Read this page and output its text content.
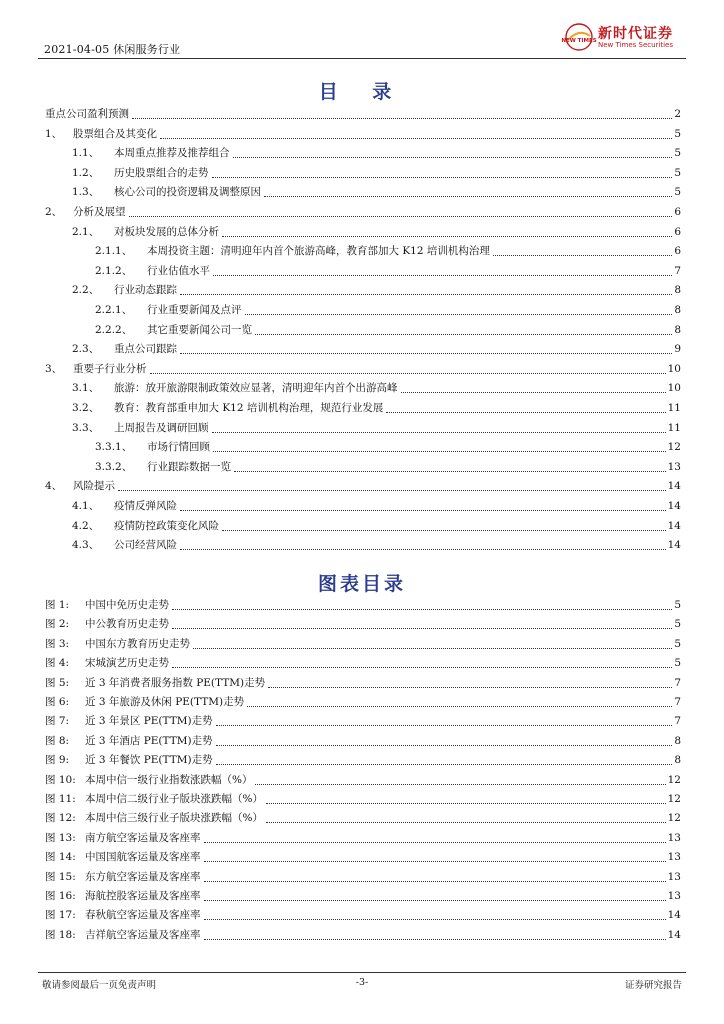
2021-04-05 休闲服务行业
NEW TIMES 新时代证券
New Times Securities
目 录
重点公司盈利预测	2
1、	股票组合及其变化	5
1.1、	本周重点推荐及推荐组合	5
1.2、	历史股票组合的走势	5
1.3、	核心公司的投资逻辑及调整原因	5
2、	分析及展望	6
2.1、	对板块发展的总体分析	6
2.1.1、	本周投资主题：清明迎年内首个旅游高峰，教育部加大 K12 培训机构治理	6
2.1.2、	行业估值水平	7
2.2、	行业动态跟踪	8
2.2.1、	行业重要新闻及点评	8
2.2.2、	其它重要新闻公司一览	8
2.3、	重点公司跟踪	9
3、	重要子行业分析	10
3.1、	旅游：放开旅游限制政策效应显著，清明迎年内首个出游高峰	10
3.2、	教育：教育部重申加大 K12 培训机构治理，规范行业发展	11
3.3、	上周报告及调研回顾	11
3.3.1、	市场行情回顾	12
3.3.2、	行业跟踪数据一览	13
4、	风险提示	14
4.1、	疫情反弹风险	14
4.2、	疫情防控政策变化风险	14
4.3、	公司经营风险	14
图表目录
图 1:	中国中免历史走势	5
图 2:	中公教育历史走势	5
图 3:	中国东方教育历史走势	5
图 4:	宋城演艺历史走势	5
图 5:	近 3 年消费者服务指数 PE(TTM)走势	7
图 6:	近 3 年旅游及休闲 PE(TTM)走势	7
图 7:	近 3 年景区 PE(TTM)走势	7
图 8:	近 3 年酒店 PE(TTM)走势	8
图 9:	近 3 年餐饮 PE(TTM)走势	8
图 10: 本周中信一级行业指数涨跌幅（%）	12
图 11: 本周中信二级行业子版块涨跌幅（%）	12
图 12: 本周中信三级行业子版块涨跌幅（%）	12
图 13: 南方航空客运量及客座率	13
图 14: 中国国航客运量及客座率	13
图 15: 东方航空客运量及客座率	13
图 16: 海航控股客运量及客座率	13
图 17: 春秋航空客运量及客座率	14
图 18: 吉祥航空客运量及客座率	14
敬请参阅最后一页免责声明	-3-	证券研究报告
